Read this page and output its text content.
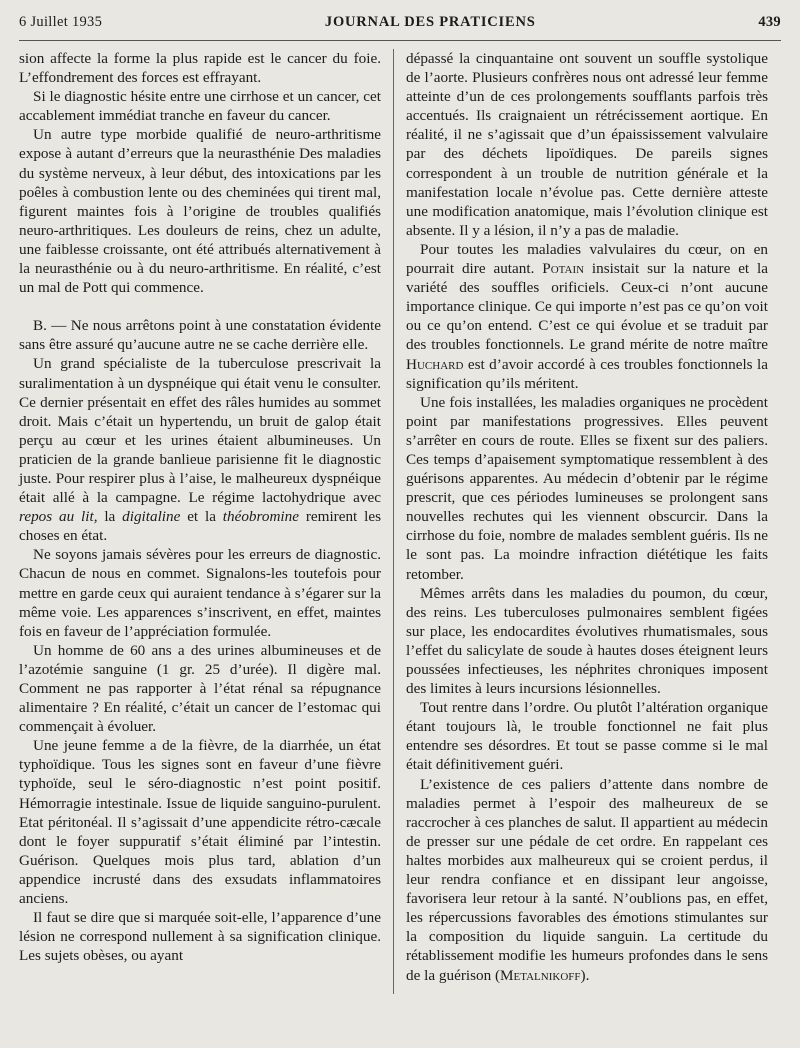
6 Juillet 1935	JOURNAL DES PRATICIENS	439

sion affecte la forme la plus rapide est le cancer du foie. L’effondrement des forces est effrayant.

Si le diagnostic hésite entre une cirrhose et un cancer, cet accablement immédiat tranche en faveur du cancer.

Un autre type morbide qualifié de neuro-arthritisme expose à autant d’erreurs que la neurasthénie Des maladies du système nerveux, à leur début, des intoxications par les poêles à combustion lente ou des cheminées qui tirent mal, figurent maintes fois à l’origine de troubles qualifiés neuro-arthritiques. Les douleurs de reins, chez un adulte, une faiblesse croissante, ont été attribués alternativement à la neurasthénie ou à du neuro-arthritisme. En réalité, c’est un mal de Pott qui commence.

B. — Ne nous arrêtons point à une constatation évidente sans être assuré qu’aucune autre ne se cache derrière elle.

Un grand spécialiste de la tuberculose prescrivait la suralimentation à un dyspnéique qui était venu le consulter. Ce dernier présentait en effet des râles humides au sommet droit. Mais c’était un hypertendu, un bruit de galop était perçu au cœur et les urines étaient albumineuses. Un praticien de la grande banlieue parisienne fit le diagnostic juste. Pour respirer plus à l’aise, le malheureux dyspnéique était allé à la campagne. Le régime lactohydrique avec repos au lit, la digitaline et la théobromine remirent les choses en état.

Ne soyons jamais sévères pour les erreurs de diagnostic. Chacun de nous en commet. Signalons-les toutefois pour mettre en garde ceux qui auraient tendance à s’égarer sur la même voie. Les apparences s’inscrivent, en effet, maintes fois en faveur de l’appréciation formulée.

Un homme de 60 ans a des urines albumineuses et de l’azotémie sanguine (1 gr. 25 d’urée). Il digère mal. Comment ne pas rapporter à l’état rénal sa répugnance alimentaire ? En réalité, c’était un cancer de l’estomac qui commençait à évoluer.

Une jeune femme a de la fièvre, de la diarrhée, un état typhoïdique. Tous les signes sont en faveur d’une fièvre typhoïde, seul le séro-diagnostic n’est point positif. Hémorragie intestinale. Issue de liquide sanguino-purulent. Etat péritonéal. Il s’agissait d’une appendicite rétro-cæcale dont le foyer suppuratif s’était éliminé par l’intestin. Guérison. Quelques mois plus tard, ablation d’un appendice incrusté dans des exsudats inflammatoires anciens.

Il faut se dire que si marquée soit-elle, l’apparence d’une lésion ne correspond nullement à sa signification clinique. Les sujets obèses, ou ayant

dépassé la cinquantaine ont souvent un souffle systolique de l’aorte. Plusieurs confrères nous ont adressé leur femme atteinte d’un de ces prolongements soufflants parfois très accentués. Ils craignaient un rétrécissement aortique. En réalité, il ne s’agissait que d’un épaississement valvulaire par des déchets lipoïdiques. De pareils signes correspondent à un trouble de nutrition générale et la manifestation locale n’évolue pas. Cette dernière atteste une modification anatomique, mais l’évolution clinique est absente. Il y a lésion, il n’y a pas de maladie.

Pour toutes les maladies valvulaires du cœur, on en pourrait dire autant. Potain insistait sur la nature et la variété des souffles orificiels. Ceux-ci n’ont aucune importance clinique. Ce qui importe n’est pas ce qu’on voit ou ce qu’on entend. C’est ce qui évolue et se traduit par des troubles fonctionnels. Le grand mérite de notre maître Huchard est d’avoir accordé à ces troubles fonctionnels la signification qu’ils méritent.

Une fois installées, les maladies organiques ne procèdent point par manifestations progressives. Elles peuvent s’arrêter en cours de route. Elles se fixent sur des paliers. Ces temps d’apaisement symptomatique ressemblent à des guérisons apparentes. Au médecin d’obtenir par le régime prescrit, que ces périodes lumineuses se prolongent sans nouvelles rechutes qui les viennent obscurcir. Dans la cirrhose du foie, nombre de malades semblent guéris. Ils ne le sont pas. La moindre infraction diététique les faits retomber.

Mêmes arrêts dans les maladies du poumon, du cœur, des reins. Les tuberculoses pulmonaires semblent figées sur place, les endocardites évolutives rhumatismales, sous l’effet du salicylate de soude à hautes doses éteignent leurs poussées infectieuses, les néphrites chroniques imposent des limites à leurs incursions lésionnelles.

Tout rentre dans l’ordre. Ou plutôt l’altération organique étant toujours là, le trouble fonctionnel ne fait plus entendre ses désordres. Et tout se passe comme si le mal était définitivement guéri.

L’existence de ces paliers d’attente dans nombre de maladies permet à l’espoir des malheureux de se raccrocher à ces planches de salut. Il appartient au médecin de presser sur une pédale de cet ordre. En rappelant ces haltes morbides aux malheureux qui se croient perdus, il leur rendra confiance et en dissipant leur angoisse, favorisera leur retour à la santé. N’oublions pas, en effet, les répercussions favorables des émotions stimulantes sur la composition du liquide sanguin. La certitude du rétablissement modifie les humeurs profondes dans le sens de la guérison (Metalnikoff).
